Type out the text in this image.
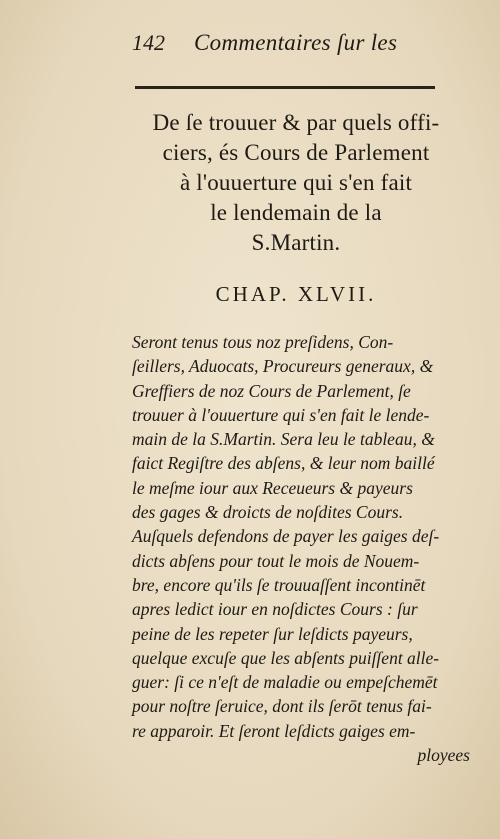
142	Commentaires ſur les
De ſe trouuer & par quels offi-
ciers, és Cours de Parlement
à l'ouuerture qui s'en fait
le lendemain de la
S.Martin.
CHAP. XLVII.
Seront tenus tous noz preſidens, Con-
ſeillers, Aduocats, Procureurs generaux, &
Greffiers de noz Cours de Parlement, ſe
trouuer à l'ouuerture qui s'en fait le lende-
main de la S.Martin. Sera leu le tableau, &
faict Regiſtre des abſens, & leur nom baillé
le meſme iour aux Receueurs & payeurs
des gages & droicts de noſdites Cours.
Auſquels defendons de payer les gaiges deſ-
dicts abſens pour tout le mois de Nouem-
bre, encore qu'ils ſe trouuaſſent incontinēt
apres ledict iour en noſdictes Cours : ſur
peine de les repeter ſur leſdicts payeurs,
quelque excuſe que les abſents puiſſent alle-
guer: ſi ce n'eſt de maladie ou empeſchemēt
pour noſtre ſeruice, dont ils ſerōt tenus fai-
re apparoir. Et ſeront leſdicts gaiges em-
ployees
